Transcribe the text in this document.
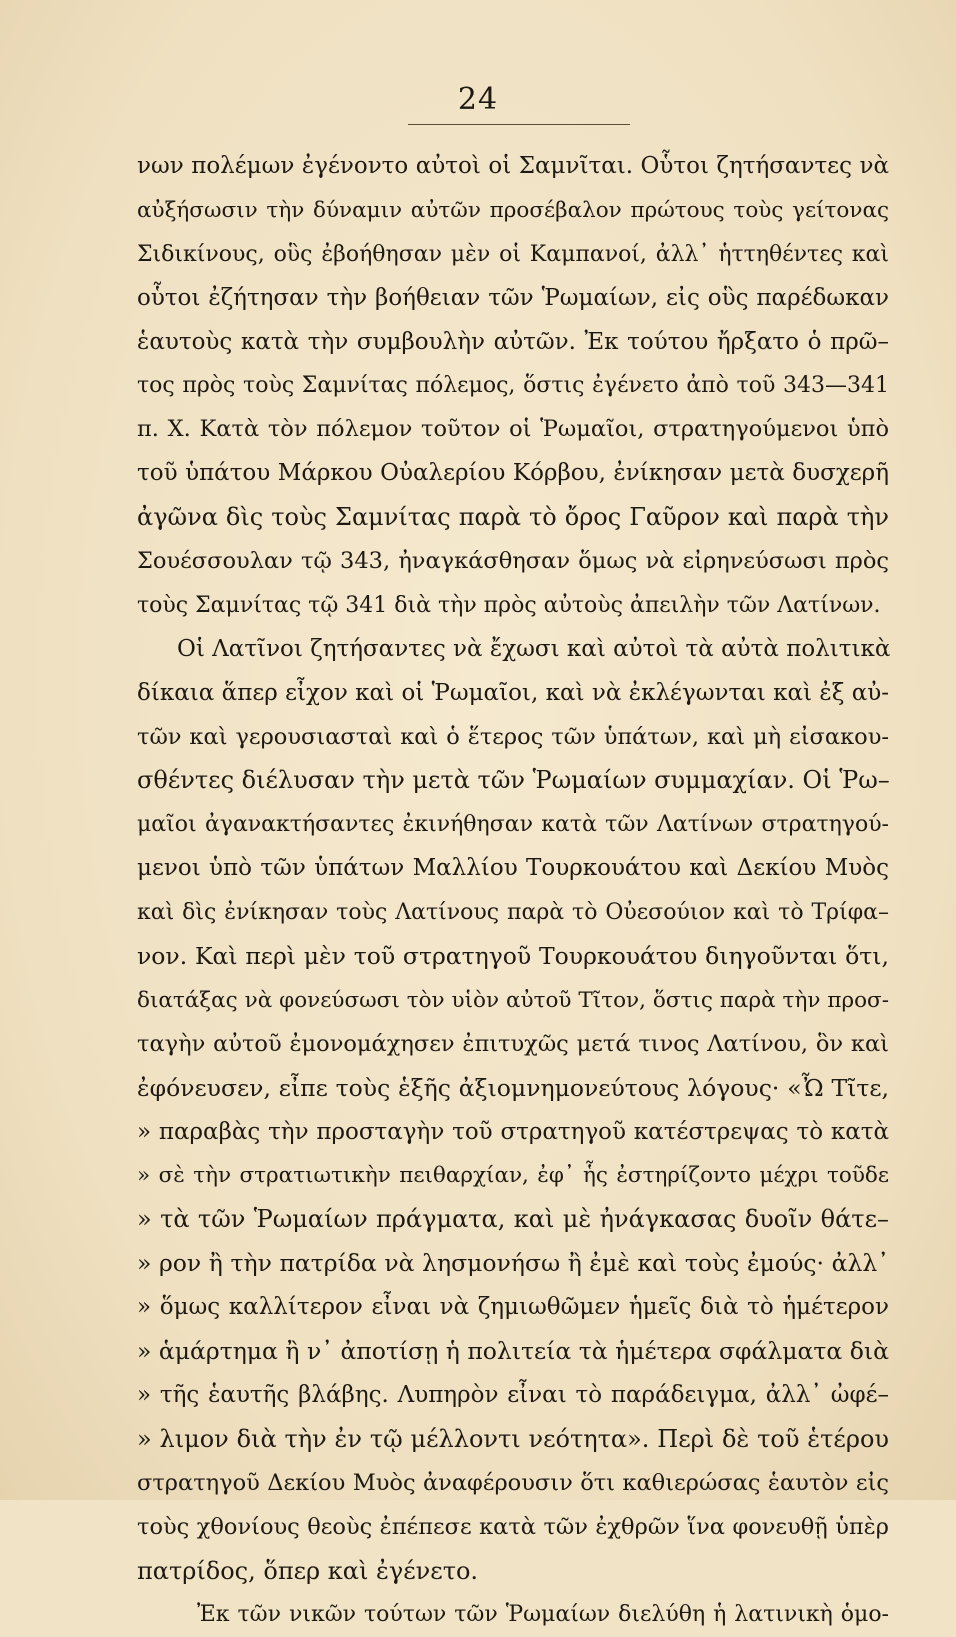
24
νων πολέμων ἐγένοντο αὐτοὶ οἱ Σαμνῖται. Οὗτοι ζητήσαντες νὰ
αὐξήσωσιν τὴν δύναμιν αὐτῶν προσέβαλον πρώτους τοὺς γείτονας
Σιδικίνους, οὓς ἐβοήθησαν μὲν οἱ Καμπανοί, ἀλλ᾿ ἡττηθέντες καὶ
οὗτοι ἐζήτησαν τὴν βοήθειαν τῶν Ῥωμαίων, εἰς οὓς παρέδωκαν
ἑαυτοὺς κατὰ τὴν συμβουλὴν αὐτῶν. Ἐκ τούτου ἤρξατο ὁ πρῶ–
τος πρὸς τοὺς Σαμνίτας πόλεμος, ὅστις ἐγένετο ἀπὸ τοῦ 343—341
π. Χ. Κατὰ τὸν πόλεμον τοῦτον οἱ Ῥωμαῖοι, στρατηγούμενοι ὑπὸ
τοῦ ὑπάτου Μάρκου Οὐαλερίου Κόρβου, ἐνίκησαν μετὰ δυσχερῆ
ἀγῶνα δὶς τοὺς Σαμνίτας παρὰ τὸ ὄρος Γαῦρον καὶ παρὰ τὴν
Σουέσσουλαν τῷ 343, ἠναγκάσθησαν ὅμως νὰ εἰρηνεύσωσι πρὸς
τοὺς Σαμνίτας τῷ 341 διὰ τὴν πρὸς αὐτοὺς ἀπειλὴν τῶν Λατίνων.
Οἱ Λατῖνοι ζητήσαντες νὰ ἔχωσι καὶ αὐτοὶ τὰ αὐτὰ πολιτικὰ
δίκαια ἅπερ εἶχον καὶ οἱ Ῥωμαῖοι, καὶ νὰ ἐκλέγωνται καὶ ἐξ αὐ-
τῶν καὶ γερουσιασταὶ καὶ ὁ ἕτερος τῶν ὑπάτων, καὶ μὴ εἰσακου-
σθέντες διέλυσαν τὴν μετὰ τῶν Ῥωμαίων συμμαχίαν. Οἱ Ῥω–
μαῖοι ἀγανακτήσαντες ἐκινήθησαν κατὰ τῶν Λατίνων στρατηγού-
μενοι ὑπὸ τῶν ὑπάτων Μαλλίου Τουρκουάτου καὶ Δεκίου Μυὸς
καὶ δὶς ἐνίκησαν τοὺς Λατίνους παρὰ τὸ Οὐεσούιον καὶ τὸ Τρίφα–
νον. Καὶ περὶ μὲν τοῦ στρατηγοῦ Τουρκουάτου διηγοῦνται ὅτι,
διατάξας νὰ φονεύσωσι τὸν υἱὸν αὐτοῦ Τῖτον, ὅστις παρὰ τὴν προσ-
ταγὴν αὐτοῦ ἐμονομάχησεν ἐπιτυχῶς μετά τινος Λατίνου, ὃν καὶ
ἐφόνευσεν, εἶπε τοὺς ἑξῆς ἀξιομνημονεύτους λόγους· «Ὦ Τῖτε,
» παραβὰς τὴν προσταγὴν τοῦ στρατηγοῦ κατέστρεψας τὸ κατὰ
» σὲ τὴν στρατιωτικὴν πειθαρχίαν, ἐφ᾿ ἧς ἐστηρίζοντο μέχρι τοῦδε
» τὰ τῶν Ῥωμαίων πράγματα, καὶ μὲ ἠνάγκασας δυοῖν θάτε–
» ρον ἢ τὴν πατρίδα νὰ λησμονήσω ἢ ἐμὲ καὶ τοὺς ἐμούς· ἀλλ᾿
» ὅμως καλλίτερον εἶναι νὰ ζημιωθῶμεν ἡμεῖς διὰ τὸ ἡμέτερον
» ἁμάρτημα ἢ ν᾿ ἀποτίσῃ ἡ πολιτεία τὰ ἡμέτερα σφάλματα διὰ
» τῆς ἑαυτῆς βλάβης. Λυπηρὸν εἶναι τὸ παράδειγμα, ἀλλ᾿ ὠφέ–
» λιμον διὰ τὴν ἐν τῷ μέλλοντι νεότητα». Περὶ δὲ τοῦ ἑτέρου
στρατηγοῦ Δεκίου Μυὸς ἀναφέρουσιν ὅτι καθιερώσας ἑαυτὸν εἰς
τοὺς χθονίους θεοὺς ἐπέπεσε κατὰ τῶν ἐχθρῶν ἵνα φονευθῇ ὑπὲρ
πατρίδος, ὅπερ καὶ ἐγένετο.
Ἐκ τῶν νικῶν τούτων τῶν Ῥωμαίων διελύθη ἡ λατινικὴ ὁμο-
